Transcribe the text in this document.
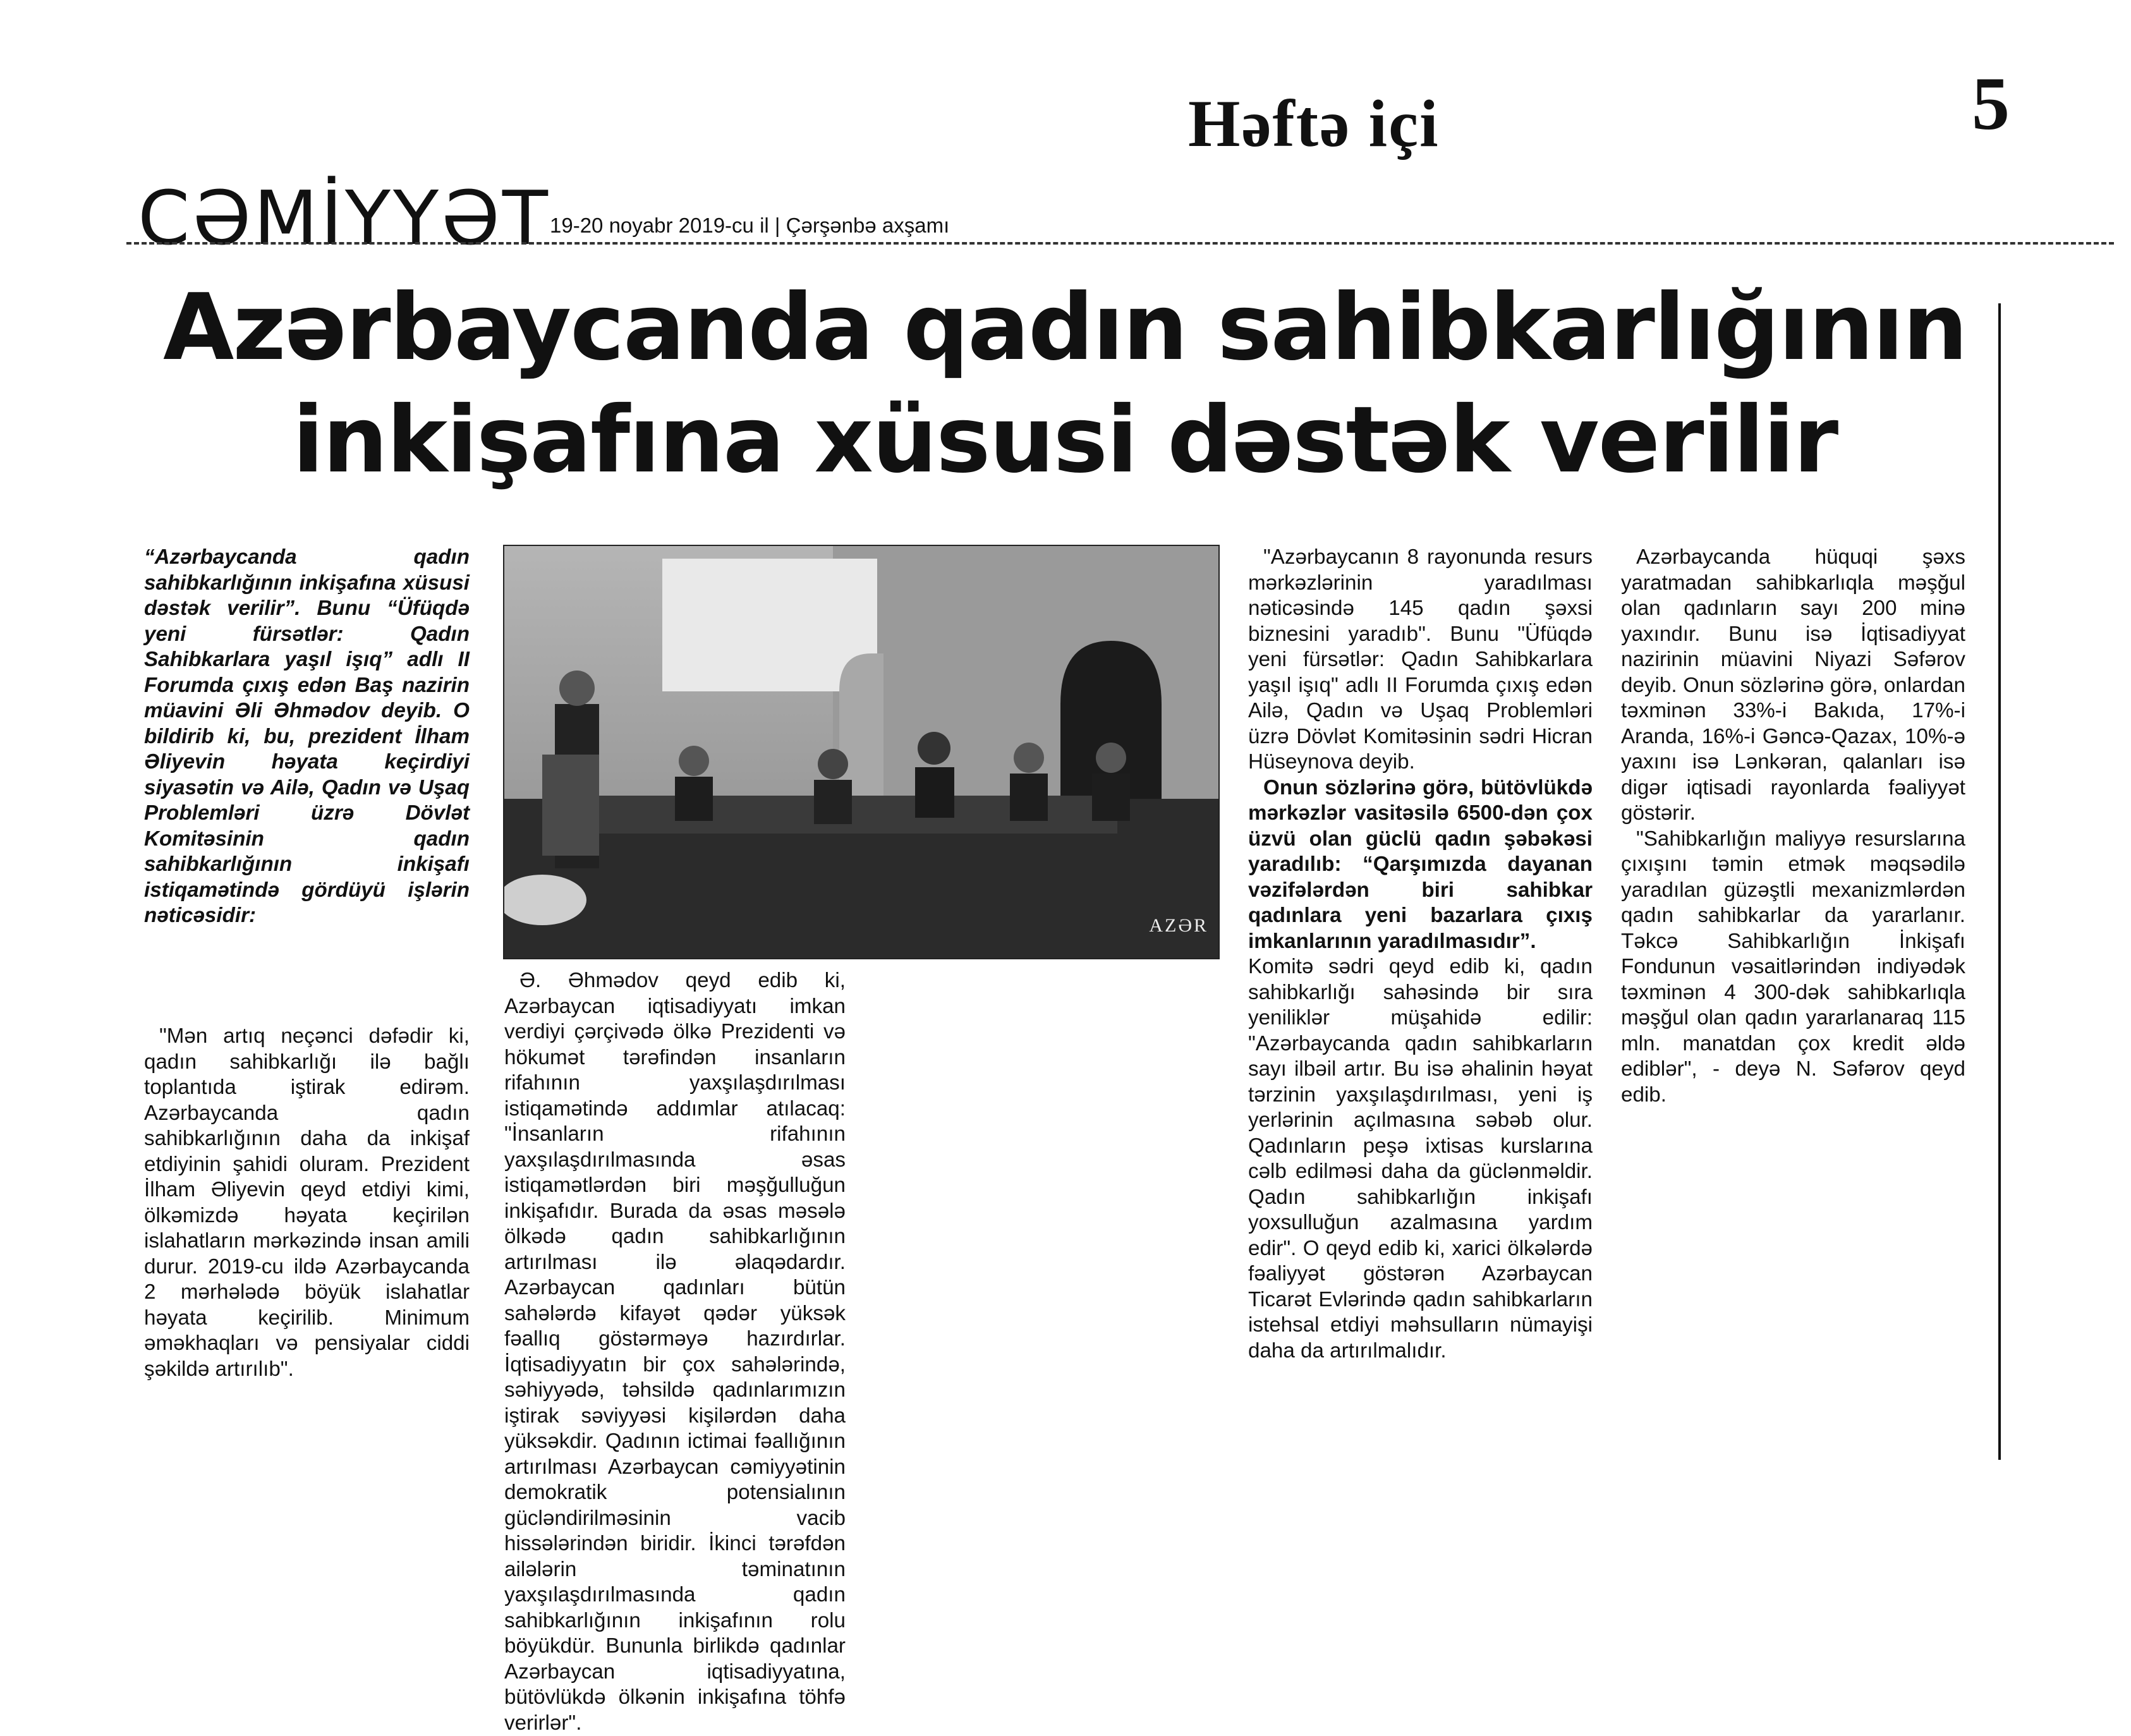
Həftə içi	5
CƏMİYYƏT 19-20 noyabr 2019-cu il | Çərşənbə axşamı
Azərbaycanda qadın sahibkarlığının
inkişafına xüsusi dəstək verilir
“Azərbaycanda qadın sahibkarlığının inkişafına xüsusi dəstək verilir”. Bunu “Üfüqdə yeni fürsətlər: Qadın Sahibkarlara yaşıl işıq” adlı II Forumda çıxış edən Baş nazirin müavini Əli Əhmədov deyib. O bildirib ki, bu, prezident İlham Əliyevin həyata keçirdiyi siyasətin və Ailə, Qadın və Uşaq Problemləri üzrə Dövlət Komitəsinin qadın sahibkarlığının inkişafı istiqamətində gördüyü işlərin nəticəsidir:

"Mən artıq neçənci dəfədir ki, qadın sahibkarlığı ilə bağlı toplantıda iştirak edirəm. Azərbaycanda qadın sahibkarlığının daha da inkişaf etdiyinin şahidi oluram. Prezident İlham Əliyevin qeyd etdiyi kimi, ölkəmizdə həyata keçirilən islahatların mərkəzində insan amili durur. 2019-cu ildə Azərbaycanda 2 mərhələdə böyük islahatlar həyata keçirilib. Minimum əməkhaqları və pensiyalar ciddi şəkildə artırılıb".

AZƏR

Ə. Əhmədov qeyd edib ki, Azərbaycan iqtisadiyyatı imkan verdiyi çərçivədə ölkə Prezidenti və hökumət tərəfindən insanların rifahının yaxşılaşdırılması istiqamətində addımlar atılacaq: "İnsanların rifahının yaxşılaşdırılmasında əsas istiqamətlərdən biri məşğulluğun inkişafıdır. Burada da əsas məsələ ölkədə qadın sahibkarlığının artırılması ilə əlaqədardır. Azərbaycan qadınları bütün sahələrdə kifayət qədər yüksək fəallıq göstərməyə hazırdırlar. İqtisadiyyatın bir çox sahələrində, səhiyyədə, təhsildə qadınlarımızın iştirak səviyyəsi kişilərdən daha yüksəkdir. Qadının ictimai fəallığının artırılması Azərbaycan cəmiyyətinin demokratik potensialının gücləndirilməsinin vacib hissələrindən biridir. İkinci tərəfdən ailələrin təminatının yaxşılaşdırılmasında qadın sahibkarlığının inkişafının rolu böyükdür. Bununla birlikdə qadınlar Azərbaycan iqtisadiyyatına, bütövlükdə ölkənin inkişafına töhfə verirlər".

"Azərbaycanın 8 rayonunda resurs mərkəzlərinin yaradılması nəticəsində 145 qadın şəxsi biznesini yaradıb". Bunu "Üfüqdə yeni fürsətlər: Qadın Sahibkarlara yaşıl işıq" adlı II Forumda çıxış edən Ailə, Qadın və Uşaq Problemləri üzrə Dövlət Komitəsinin sədri Hicran Hüseynova deyib.

Onun sözlərinə görə, bütövlükdə mərkəzlər vasitəsilə 6500-dən çox üzvü olan güclü qadın şəbəkəsi yaradılıb: “Qarşımızda dayanan vəzifələrdən biri sahibkar qadınlara yeni bazarlara çıxış imkanlarının yaradılmasıdır”.

Komitə sədri qeyd edib ki, qadın sahibkarlığı sahəsində bir sıra yeniliklər müşahidə edilir: "Azərbaycanda qadın sahibkarların sayı ilbəil artır. Bu isə əhalinin həyat tərzinin yaxşılaşdırılması, yeni iş yerlərinin açılmasına səbəb olur. Qadınların peşə ixtisas kurslarına cəlb edilməsi daha da güclənməldir. Qadın sahibkarlığın inkişafı yoxsulluğun azalmasına yardım edir". O qeyd edib ki, xarici ölkələrdə fəaliyyət göstərən Azərbaycan Ticarət Evlərində qadın sahibkarların istehsal etdiyi məhsulların nümayişi daha da artırılmalıdır.

Azərbaycanda hüquqi şəxs yaratmadan sahibkarlıqla məşğul olan qadınların sayı 200 minə yaxındır. Bunu isə İqtisadiyyat nazirinin müavini Niyazi Səfərov deyib. Onun sözlərinə görə, onlardan təxminən 33%-i Bakıda, 17%-i Aranda, 16%-i Gəncə-Qazax, 10%-ə yaxını isə Lənkəran, qalanları isə digər iqtisadi rayonlarda fəaliyyət göstərir.

"Sahibkarlığın maliyyə resurslarına çıxışını təmin etmək məqsədilə yaradılan güzəştli mexanizmlərdən qadın sahibkarlar da yararlanır. Təkcə Sahibkarlığın İnkişafı Fondunun vəsaitlərindən indiyədək təxminən 4 300-dək sahibkarlıqla məşğul olan qadın yararlanaraq 115 mln. manatdan çox kredit əldə ediblər", - deyə N. Səfərov qeyd edib.
